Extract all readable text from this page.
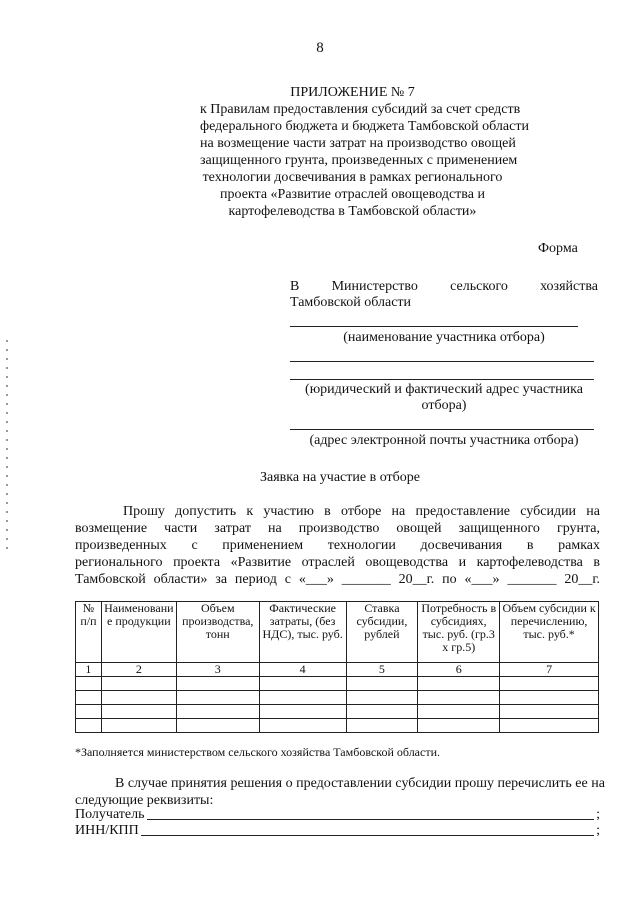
8
ПРИЛОЖЕНИЕ № 7
к Правилам предоставления субсидий за счет средств
федерального бюджета и бюджета Тамбовской области
на возмещение части затрат на производство овощей
защищенного грунта, произведенных с применением
технологии досвечивания в рамках регионального
проекта «Развитие отраслей овощеводства и
картофелеводства в Тамбовской области»
Форма
В Министерство сельского хозяйства
Тамбовской области
(наименование участника отбора)
(юридический и фактический адрес участника
отбора)
(адрес электронной почты участника отбора)
Заявка на участие в отборе
Прошу допустить к участию в отборе на предоставление субсидии на
возмещение части затрат на производство овощей защищенного грунта,
произведенных с применением технологии досвечивания в рамках
регионального проекта «Развитие отраслей овощеводства и картофелеводства в
Тамбовской области» за период с «___» _______ 20__г. по «___» _______ 20__г.
№ п/п	Наименовани е продукции	Объем производства, тонн	Фактические затраты, (без НДС), тыс. руб.	Ставка субсидии, рублей	Потребность в субсидиях, тыс. руб. (гр.3 х гр.5)	Объем субсидии к перечислению, тыс. руб.*
1	2	3	4	5	6	7

*Заполняется министерством сельского хозяйства Тамбовской области.
В случае принятия решения о предоставлении субсидии прошу перечислить ее на
следующие реквизиты:
Получатель	;
ИНН/КПП	;
